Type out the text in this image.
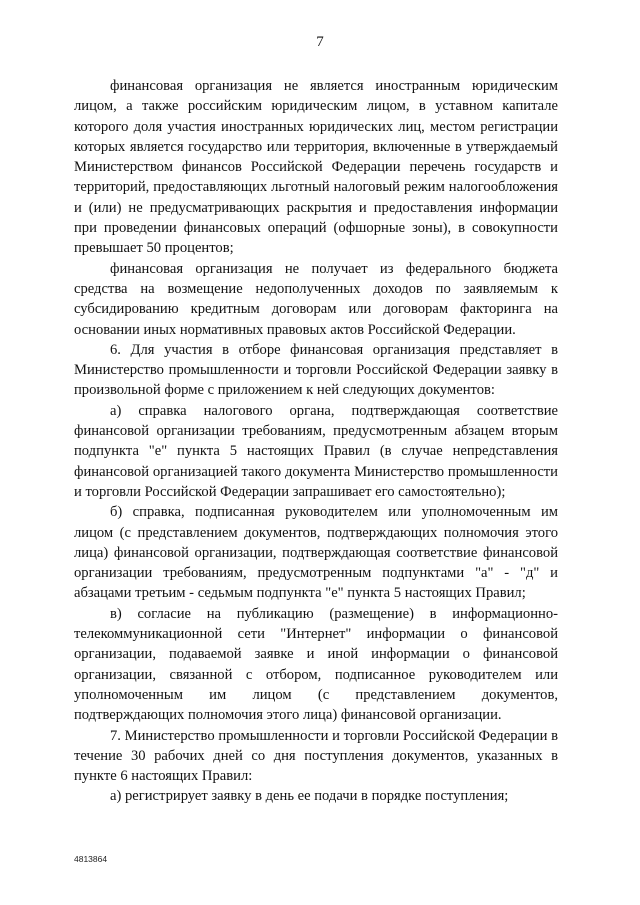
7

финансовая организация не является иностранным юридическим лицом, а также российским юридическим лицом, в уставном капитале которого доля участия иностранных юридических лиц, местом регистрации которых является государство или территория, включенные в утверждаемый Министерством финансов Российской Федерации перечень государств и территорий, предоставляющих льготный налоговый режим налогообложения и (или) не предусматривающих раскрытия и предоставления информации при проведении финансовых операций (офшорные зоны), в совокупности превышает 50 процентов;

финансовая организация не получает из федерального бюджета средства на возмещение недополученных доходов по заявляемым к субсидированию кредитным договорам или договорам факторинга на основании иных нормативных правовых актов Российской Федерации.

6. Для участия в отборе финансовая организация представляет в Министерство промышленности и торговли Российской Федерации заявку в произвольной форме с приложением к ней следующих документов:

а) справка налогового органа, подтверждающая соответствие финансовой организации требованиям, предусмотренным абзацем вторым подпункта "е" пункта 5 настоящих Правил (в случае непредставления финансовой организацией такого документа Министерство промышленности и торговли Российской Федерации запрашивает его самостоятельно);

б) справка, подписанная руководителем или уполномоченным им лицом (с представлением документов, подтверждающих полномочия этого лица) финансовой организации, подтверждающая соответствие финансовой организации требованиям, предусмотренным подпунктами "а" - "д" и абзацами третьим - седьмым подпункта "е" пункта 5 настоящих Правил;

в) согласие на публикацию (размещение) в информационно-телекоммуникационной сети "Интернет" информации о финансовой организации, подаваемой заявке и иной информации о финансовой организации, связанной с отбором, подписанное руководителем или уполномоченным им лицом (с представлением документов, подтверждающих полномочия этого лица) финансовой организации.

7. Министерство промышленности и торговли Российской Федерации в течение 30 рабочих дней со дня поступления документов, указанных в пункте 6 настоящих Правил:

а) регистрирует заявку в день ее подачи в порядке поступления;

4813864
